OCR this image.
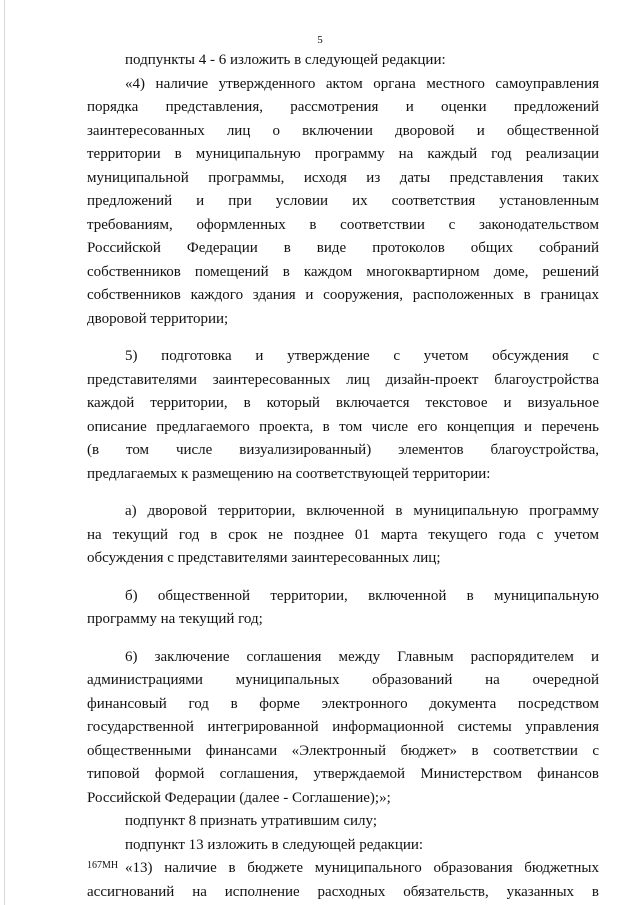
5
подпункты 4 - 6 изложить в следующей редакции:
«4) наличие утвержденного актом органа местного самоуправления
порядка представления, рассмотрения и оценки предложений
заинтересованных лиц о включении дворовой и общественной
территории в муниципальную программу на каждый год реализации
муниципальной программы, исходя из даты представления таких
предложений и при условии их соответствия установленным
требованиям, оформленных в соответствии с законодательством
Российской Федерации в виде протоколов общих собраний
собственников помещений в каждом многоквартирном доме, решений
собственников каждого здания и сооружения, расположенных в границах
дворовой территории;
5) подготовка и утверждение с учетом обсуждения с
представителями заинтересованных лиц дизайн-проект благоустройства
каждой территории, в который включается текстовое и визуальное
описание предлагаемого проекта, в том числе его концепция и перечень
(в том числе визуализированный) элементов благоустройства,
предлагаемых к размещению на соответствующей территории:
а) дворовой территории, включенной в муниципальную программу
на текущий год в срок не позднее 01 марта текущего года с учетом
обсуждения с представителями заинтересованных лиц;
б) общественной территории, включенной в муниципальную
программу на текущий год;
6) заключение соглашения между Главным распорядителем и
администрациями муниципальных образований на очередной
финансовый год в форме электронного документа посредством
государственной интегрированной информационной системы управления
общественными финансами «Электронный бюджет» в соответствии с
типовой формой соглашения, утверждаемой Министерством финансов
Российской Федерации (далее - Соглашение);»;
подпункт 8 признать утратившим силу;
подпункт 13 изложить в следующей редакции:
«13) наличие в бюджете муниципального образования бюджетных
ассигнований на исполнение расходных обязательств, указанных в
167МН
